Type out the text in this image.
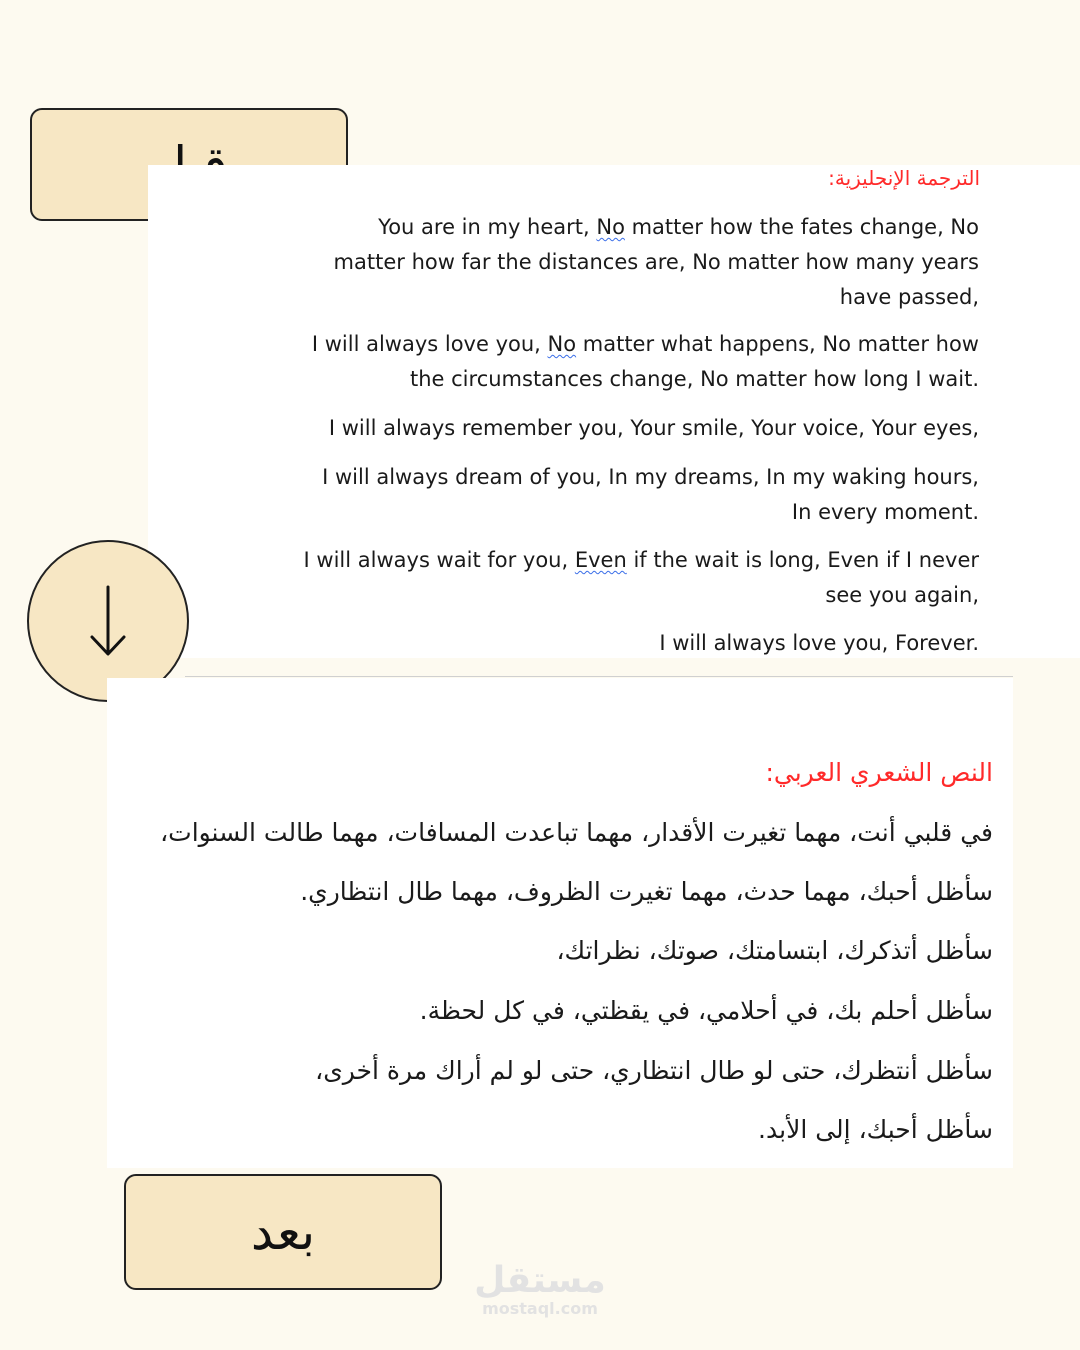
الترجمة الإنجليزية:
You are in my heart, No matter how the fates change, No
matter how far the distances are, No matter how many years
have passed,
I will always love you, No matter what happens, No matter how
the circumstances change, No matter how long I wait.
I will always remember you, Your smile, Your voice, Your eyes,
I will always dream of you, In my dreams, In my waking hours,
In every moment.
I will always wait for you, Even if the wait is long, Even if I never
see you again,
I will always love you, Forever.
النص الشعري العربي:
في قلبي أنت، مهما تغيرت الأقدار، مهما تباعدت المسافات، مهما طالت السنوات،
سأظل أحبك، مهما حدث، مهما تغيرت الظروف، مهما طال انتظاري.
سأظل أتذكرك، ابتسامتك، صوتك، نظراتك،
سأظل أحلم بك، في أحلامي، في يقظتي، في كل لحظة.
سأظل أنتظرك، حتى لو طال انتظاري، حتى لو لم أراك مرة أخرى،
سأظل أحبك، إلى الأبد.
بعد
مستقل
mostaql.com
